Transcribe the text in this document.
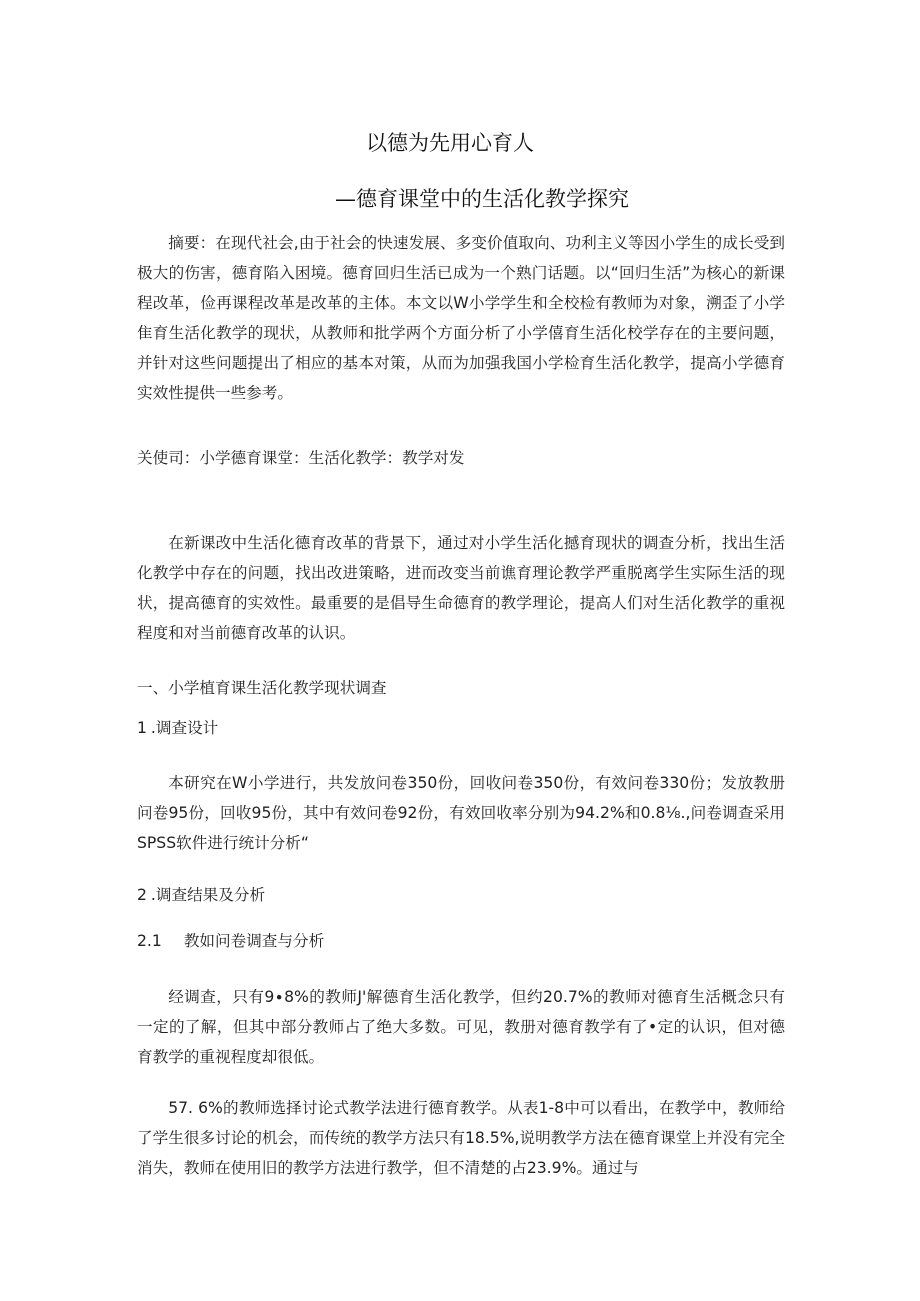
以德为先用心育人
—德育课堂中的生活化教学探究
摘要：在现代社会,由于社会的快速发展、多变价值取向、功利主义等因小学生的成长受到极大的伤害，德育陷入困境。德育回归生活已成为一个熟门话题。以“回归生活”为核心的新课程改革，俭再课程改革是改革的主体。本文以W小学学生和全校检有教师为对象，溯歪了小学隹育生活化教学的现状，从教师和批学两个方面分析了小学僖育生活化校学存在的主要问题，并针对这些问题提出了相应的基本对策，从而为加强我国小学检育生活化教学，提高小学德育实效性提供一些参考。
关使司：小学德育课堂：生活化教学：教学对发
在新课改中生活化德育改革的背景下，通过对小学生活化撼育现状的调查分析，找出生活化教学中存在的问题，找出改进策略，进而改变当前谯育理论教学严重脱离学生实际生活的现状，提高德育的实效性。最重要的是倡导生命德育的教学理论，提高人们对生活化教学的重视程度和对当前德育改革的认识。
一、小学植育课生活化教学现状调查
1 .调查设计
本研究在W小学进行，共发放问卷350份，回收问卷350份，有效问卷330份；发放教册问卷95份，回收95份，其中有效问卷92份，有效回收率分别为94.2%和0.8⅛.,问卷调查采用SPSS软件进行统计分析“
2 .调查结果及分析
2.1 教如问卷调查与分析
经调查，只有9∙8%的教师J'解德育生活化教学，但约20.7%的教师对德育生活概念只有一定的了解，但其中部分教师占了绝大多数。可见，教册对德育教学有了•定的认识，但对德育教学的重视程度却很低。
57. 6%的教师选择讨论式教学法进行德育教学。从表1-8中可以看出，在教学中，教师给了学生很多讨论的机会，而传统的教学方法只有18.5%,说明教学方法在德育课堂上并没有完全消失，教师在使用旧的教学方法进行教学，但不清楚的占23.9%。通过与
